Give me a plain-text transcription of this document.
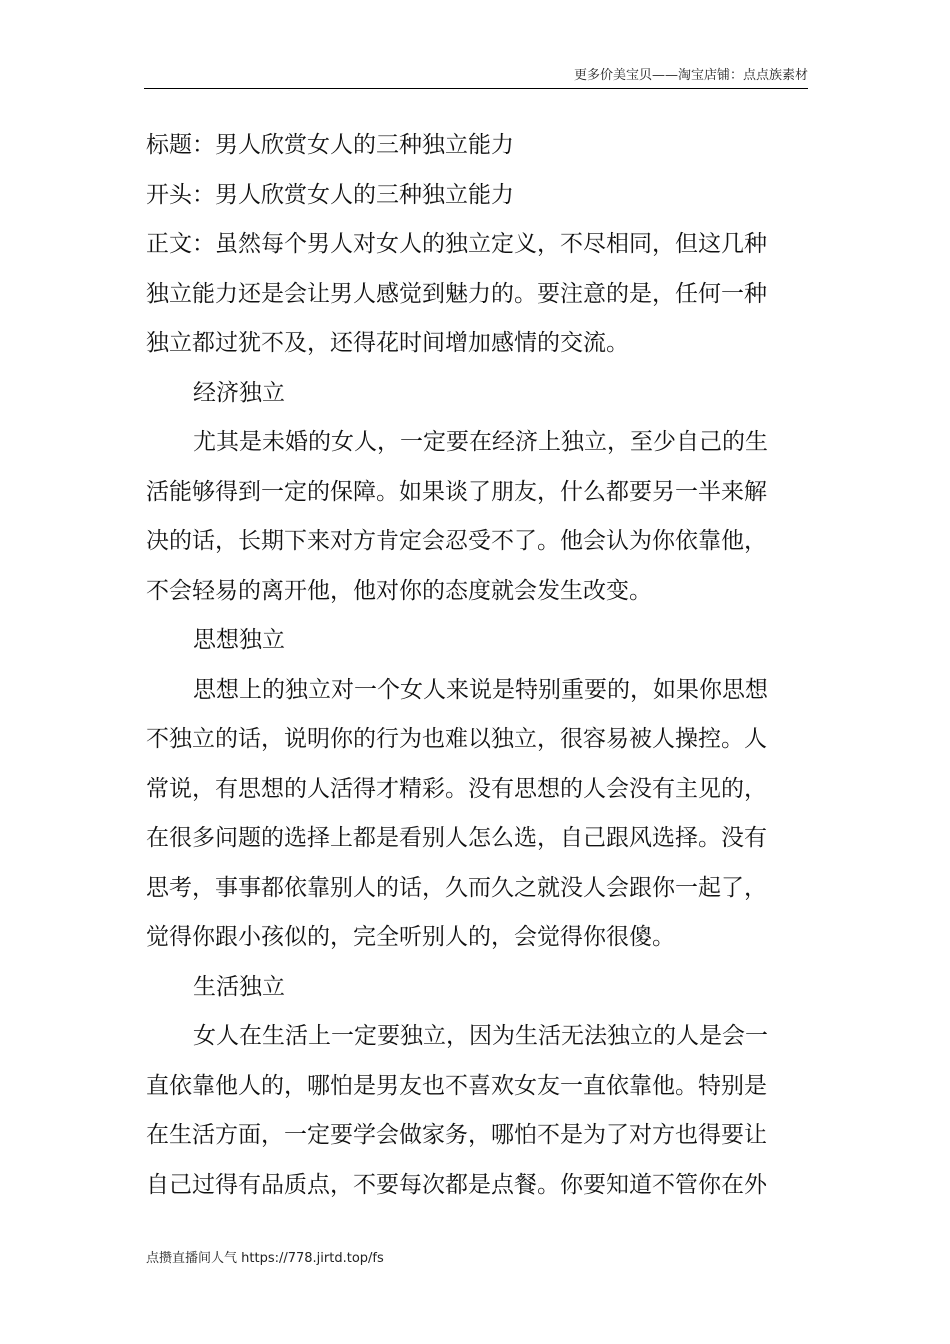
更多价美宝贝——淘宝店铺：点点族素材
标题：男人欣赏女人的三种独立能力
开头：男人欣赏女人的三种独立能力
正文：虽然每个男人对女人的独立定义，不尽相同，但这几种
独立能力还是会让男人感觉到魅力的。要注意的是，任何一种
独立都过犹不及，还得花时间增加感情的交流。
经济独立
尤其是未婚的女人，一定要在经济上独立，至少自己的生
活能够得到一定的保障。如果谈了朋友，什么都要另一半来解
决的话，长期下来对方肯定会忍受不了。他会认为你依靠他，
不会轻易的离开他，他对你的态度就会发生改变。
思想独立
思想上的独立对一个女人来说是特别重要的，如果你思想
不独立的话，说明你的行为也难以独立，很容易被人操控。人
常说，有思想的人活得才精彩。没有思想的人会没有主见的，
在很多问题的选择上都是看别人怎么选，自己跟风选择。没有
思考，事事都依靠别人的话，久而久之就没人会跟你一起了，
觉得你跟小孩似的，完全听别人的，会觉得你很傻。
生活独立
女人在生活上一定要独立，因为生活无法独立的人是会一
直依靠他人的，哪怕是男友也不喜欢女友一直依靠他。特别是
在生活方面，一定要学会做家务，哪怕不是为了对方也得要让
自己过得有品质点，不要每次都是点餐。你要知道不管你在外
点攒直播间人气 https://778.jirtd.top/fs
